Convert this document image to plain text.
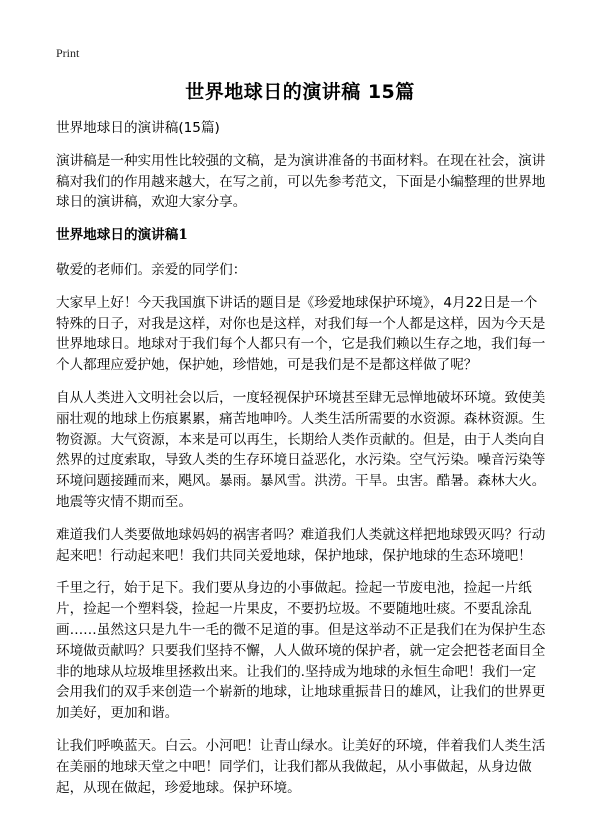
Print
世界地球日的演讲稿 15篇

世界地球日的演讲稿(15篇)

演讲稿是一种实用性比较强的文稿，是为演讲准备的书面材料。在现在社会，演讲稿对我们的作用越来越大，在写之前，可以先参考范文，下面是小编整理的世界地球日的演讲稿，欢迎大家分享。

世界地球日的演讲稿1

敬爱的老师们。亲爱的同学们：

大家早上好！今天我国旗下讲话的题目是《珍爱地球保护环境》，4月22日是一个特殊的日子，对我是这样，对你也是这样，对我们每一个人都是这样，因为今天是世界地球日。地球对于我们每个人都只有一个，它是我们赖以生存之地，我们每一个人都理应爱护她，保护她，珍惜她，可是我们是不是都这样做了呢？

自从人类进入文明社会以后，一度轻视保护环境甚至肆无忌惮地破坏环境。致使美丽壮观的地球上伤痕累累，痛苦地呻吟。人类生活所需要的水资源。森林资源。生物资源。大气资源，本来是可以再生，长期给人类作贡献的。但是，由于人类向自然界的过度索取，导致人类的生存环境日益恶化，水污染。空气污染。噪音污染等环境问题接踵而来，飓风。暴雨。暴风雪。洪涝。干旱。虫害。酷暑。森林大火。地震等灾情不期而至。

难道我们人类要做地球妈妈的祸害者吗？难道我们人类就这样把地球毁灭吗？行动起来吧！行动起来吧！我们共同关爱地球，保护地球，保护地球的生态环境吧！

千里之行，始于足下。我们要从身边的小事做起。捡起一节废电池，捡起一片纸片，捡起一个塑料袋，捡起一片果皮，不要扔垃圾。不要随地吐痰。不要乱涂乱画……虽然这只是九牛一毛的微不足道的事。但是这举动不正是我们在为保护生态环境做贡献吗？只要我们坚持不懈，人人做环境的保护者，就一定会把苍老面目全非的地球从垃圾堆里拯救出来。让我们的.坚持成为地球的永恒生命吧！我们一定会用我们的双手来创造一个崭新的地球，让地球重振昔日的雄风，让我们的世界更加美好，更加和谐。

让我们呼唤蓝天。白云。小河吧！让青山绿水。让美好的环境，伴着我们人类生活在美丽的地球天堂之中吧！同学们，让我们都从我做起，从小事做起，从身边做起，从现在做起，珍爱地球。保护环境。
